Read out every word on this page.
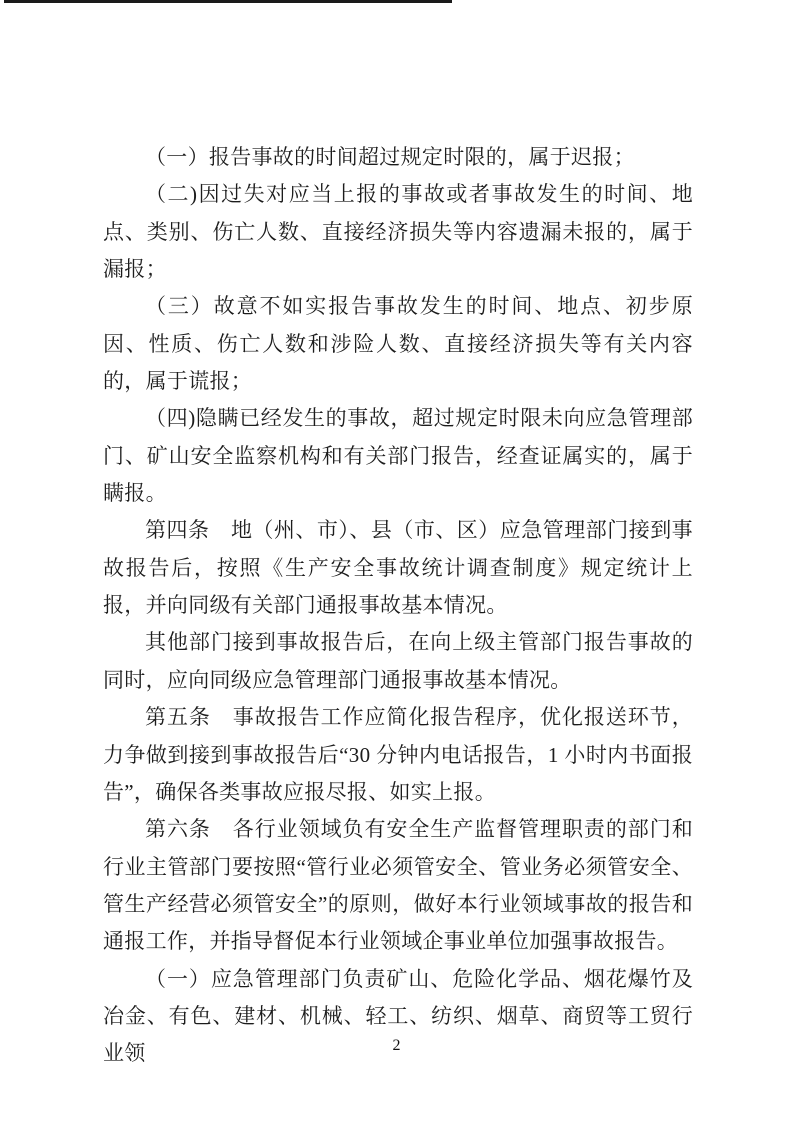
（一）报告事故的时间超过规定时限的，属于迟报；

（二)因过失对应当上报的事故或者事故发生的时间、地点、类别、伤亡人数、直接经济损失等内容遗漏未报的，属于漏报；

（三）故意不如实报告事故发生的时间、地点、初步原因、性质、伤亡人数和涉险人数、直接经济损失等有关内容的，属于谎报；

（四)隐瞒已经发生的事故，超过规定时限未向应急管理部门、矿山安全监察机构和有关部门报告，经查证属实的，属于瞒报。

第四条　地（州、市）、县（市、区）应急管理部门接到事故报告后，按照《生产安全事故统计调查制度》规定统计上报，并向同级有关部门通报事故基本情况。

其他部门接到事故报告后，在向上级主管部门报告事故的同时，应向同级应急管理部门通报事故基本情况。

第五条　事故报告工作应简化报告程序，优化报送环节，力争做到接到事故报告后“30 分钟内电话报告，1 小时内书面报告”，确保各类事故应报尽报、如实上报。

第六条　各行业领域负有安全生产监督管理职责的部门和行业主管部门要按照“管行业必须管安全、管业务必须管安全、管生产经营必须管安全”的原则，做好本行业领域事故的报告和通报工作，并指导督促本行业领域企事业单位加强事故报告。

（一）应急管理部门负责矿山、危险化学品、烟花爆竹及冶金、有色、建材、机械、轻工、纺织、烟草、商贸等工贸行业领	2
